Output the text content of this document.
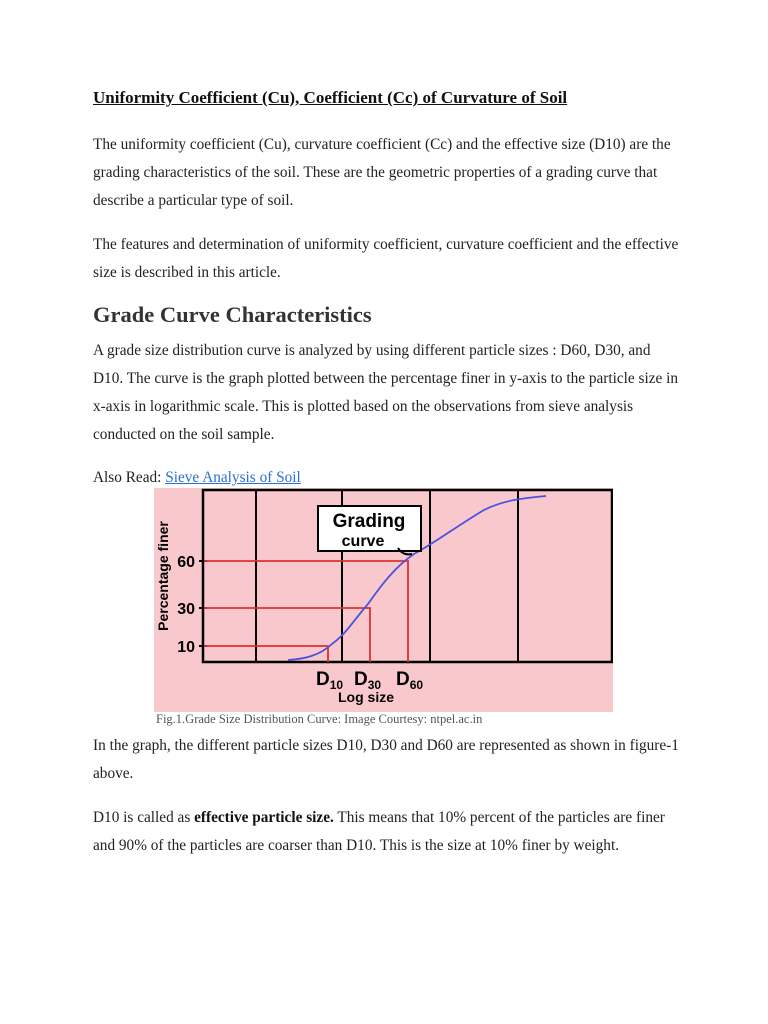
Uniformity Coefficient (Cu), Coefficient (Cc) of Curvature of Soil

The uniformity coefficient (Cu), curvature coefficient (Cc) and the effective size (D10) are the grading characteristics of the soil. These are the geometric properties of a grading curve that describe a particular type of soil.

The features and determination of uniformity coefficient, curvature coefficient and the effective size is described in this article.

Grade Curve Characteristics

A grade size distribution curve is analyzed by using different particle sizes : D60, D30, and D10. The curve is the graph plotted between the percentage finer in y-axis to the particle size in x-axis in logarithmic scale. This is plotted based on the observations from sieve analysis conducted on the soil sample.

Also Read: Sieve Analysis of Soil

In the graph, the different particle sizes D10, D30 and D60 are represented as shown in figure-1 above.

D10 is called as effective particle size. This means that 10% percent of the particles are finer and 90% of the particles are coarser than D10. This is the size at 10% finer by weight.

Grading
curve
60
30
10
Percentage finer
$D_{10}$ $D_{30}$ $D_{60}$
Log size
Fig.1.Grade Size Distribution Curve: Image Courtesy: ntpel.ac.in
